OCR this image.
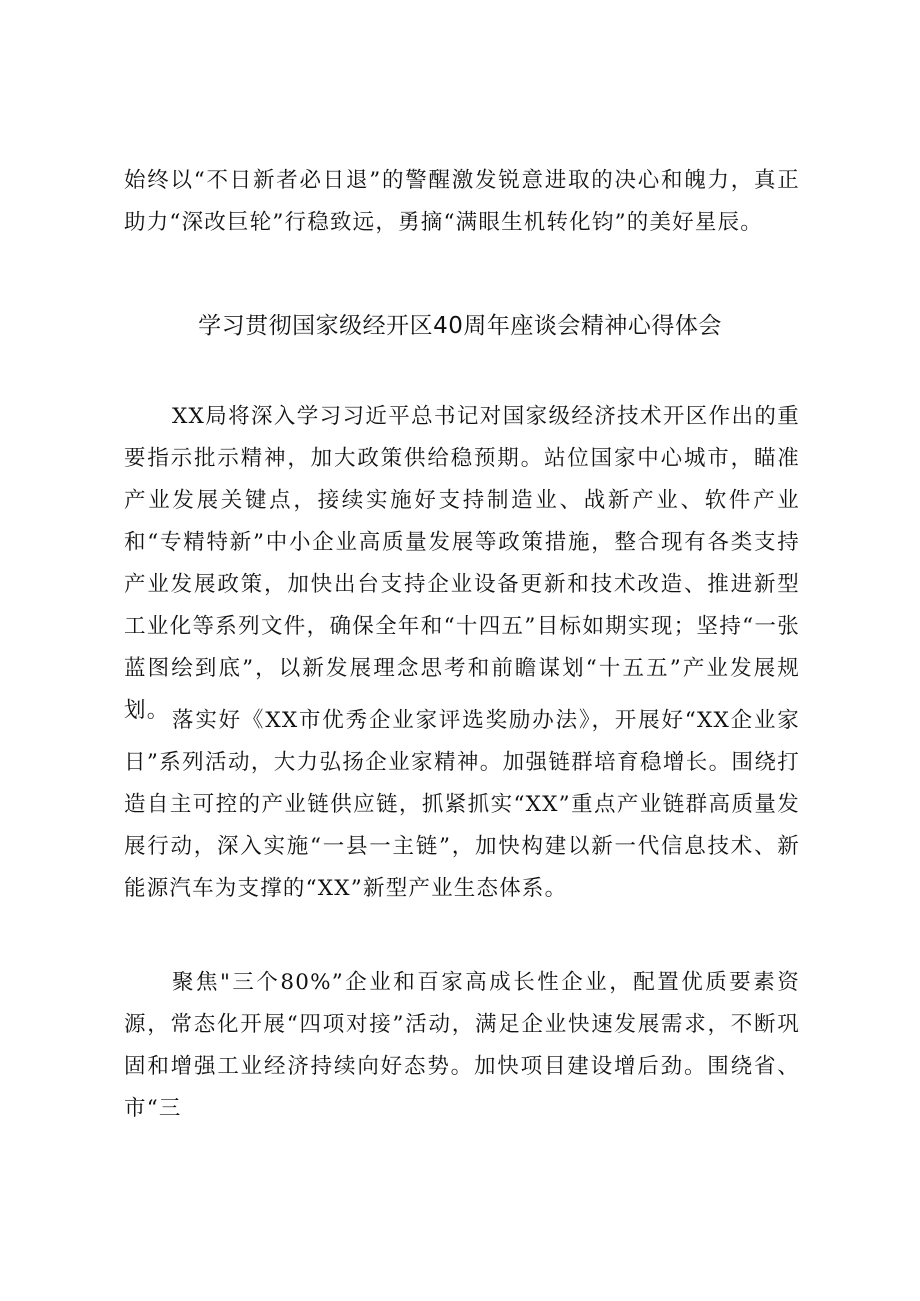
始终以“不日新者必日退”的警醒激发锐意进取的决心和魄力，真正助力“深改巨轮”行稳致远，勇摘“满眼生机转化钧”的美好星辰。

学习贯彻国家级经开区40周年座谈会精神心得体会

XX局将深入学习习近平总书记对国家级经济技术开区作出的重要指示批示精神，加大政策供给稳预期。站位国家中心城市，瞄准产业发展关键点，接续实施好支持制造业、战新产业、软件产业和“专精特新”中小企业高质量发展等政策措施，整合现有各类支持产业发展政策，加快出台支持企业设备更新和技术改造、推进新型工业化等系列文件，确保全年和“十四五”目标如期实现；坚持“一张蓝图绘到底”，以新发展理念思考和前瞻谋划“十五五”产业发展规划。 落实好《XX市优秀企业家评选奖励办法》，开展好“XX企业家日”系列活动，大力弘扬企业家精神。加强链群培育稳增长。围绕打造自主可控的产业链供应链，抓紧抓实“XX”重点产业链群高质量发展行动，深入实施“一县一主链”，加快构建以新一代信息技术、新能源汽车为支撑的“XX”新型产业生态体系。

聚焦"三个80%”企业和百家高成长性企业，配置优质要素资源，常态化开展“四项对接”活动，满足企业快速发展需求，不断巩固和增强工业经济持续向好态势。加快项目建设增后劲。围绕省、市“三
